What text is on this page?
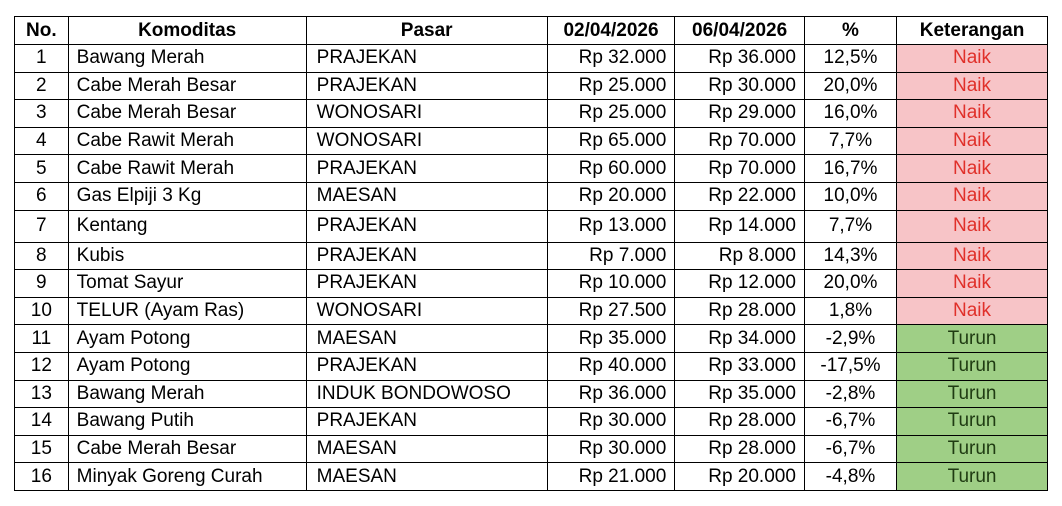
No.	Komoditas	Pasar	02/04/2026	06/04/2026	%	Keterangan
1	Bawang Merah	PRAJEKAN	Rp 32.000	Rp 36.000	12,5%	Naik
2	Cabe Merah Besar	PRAJEKAN	Rp 25.000	Rp 30.000	20,0%	Naik
3	Cabe Merah Besar	WONOSARI	Rp 25.000	Rp 29.000	16,0%	Naik
4	Cabe Rawit Merah	WONOSARI	Rp 65.000	Rp 70.000	7,7%	Naik
5	Cabe Rawit Merah	PRAJEKAN	Rp 60.000	Rp 70.000	16,7%	Naik
6	Gas Elpiji 3 Kg	MAESAN	Rp 20.000	Rp 22.000	10,0%	Naik
7	Kentang	PRAJEKAN	Rp 13.000	Rp 14.000	7,7%	Naik
8	Kubis	PRAJEKAN	Rp 7.000	Rp 8.000	14,3%	Naik
9	Tomat Sayur	PRAJEKAN	Rp 10.000	Rp 12.000	20,0%	Naik
10	TELUR (Ayam Ras)	WONOSARI	Rp 27.500	Rp 28.000	1,8%	Naik
11	Ayam Potong	MAESAN	Rp 35.000	Rp 34.000	-2,9%	Turun
12	Ayam Potong	PRAJEKAN	Rp 40.000	Rp 33.000	-17,5%	Turun
13	Bawang Merah	INDUK BONDOWOSO	Rp 36.000	Rp 35.000	-2,8%	Turun
14	Bawang Putih	PRAJEKAN	Rp 30.000	Rp 28.000	-6,7%	Turun
15	Cabe Merah Besar	MAESAN	Rp 30.000	Rp 28.000	-6,7%	Turun
16	Minyak Goreng Curah	MAESAN	Rp 21.000	Rp 20.000	-4,8%	Turun
